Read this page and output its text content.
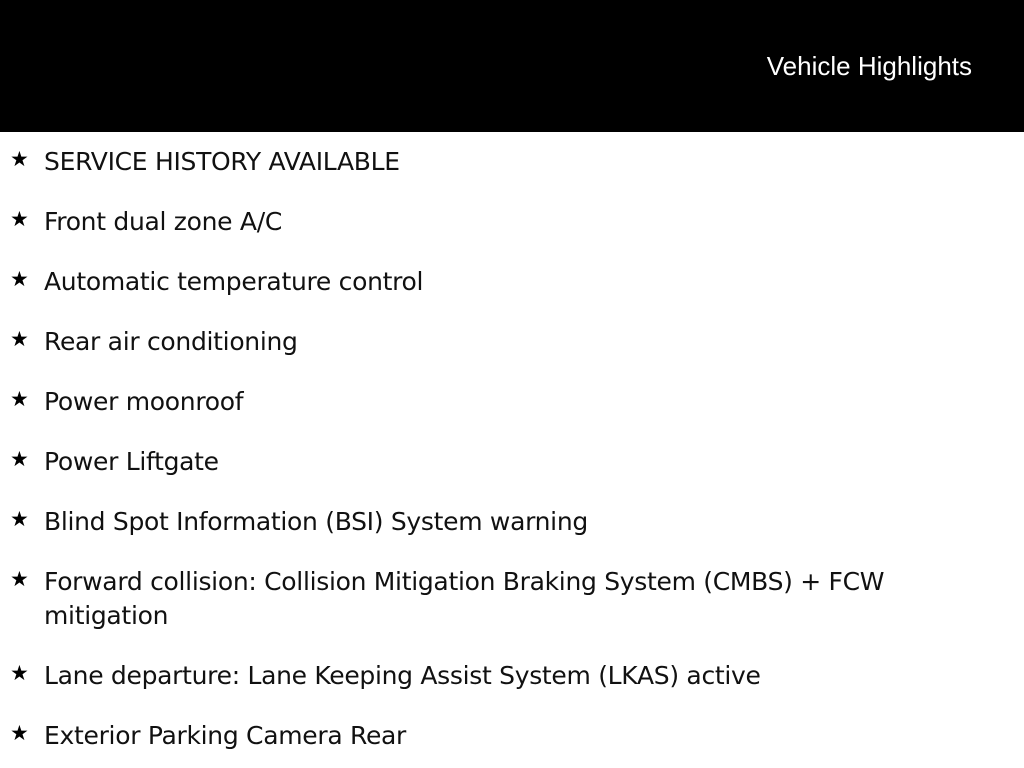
Vehicle Highlights
★ SERVICE HISTORY AVAILABLE
★ Front dual zone A/C
★ Automatic temperature control
★ Rear air conditioning
★ Power moonroof
★ Power Liftgate
★ Blind Spot Information (BSI) System warning
★ Forward collision: Collision Mitigation Braking System (CMBS) + FCW mitigation
★ Lane departure: Lane Keeping Assist System (LKAS) active
★ Exterior Parking Camera Rear
